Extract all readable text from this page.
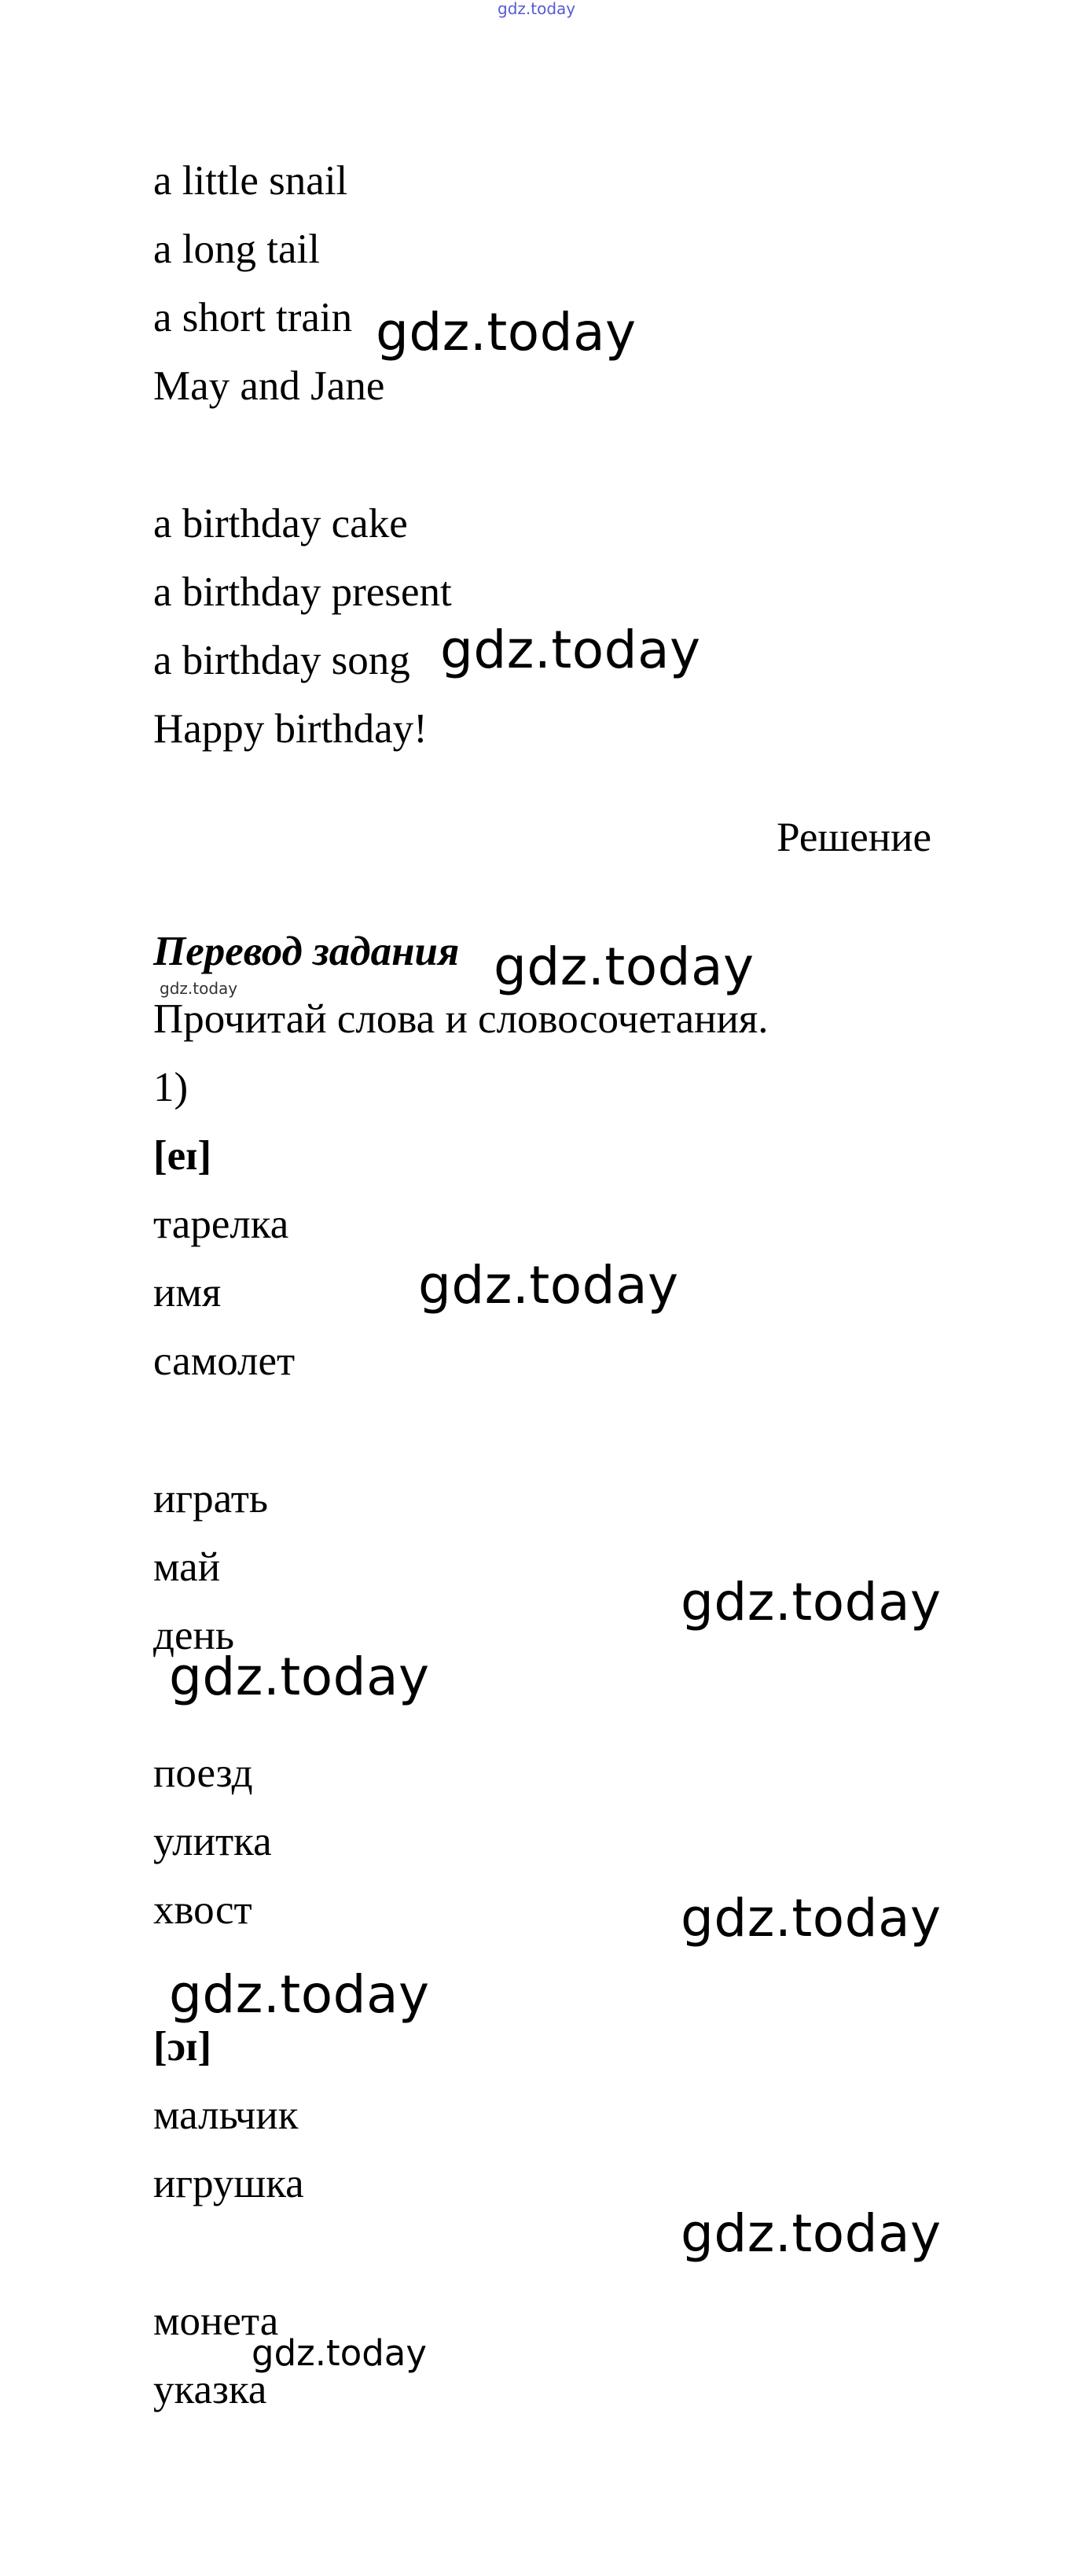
gdz.today
a little snail
a long tail
a short train
May and Jane
a birthday cake
a birthday present
a birthday song
Happy birthday!
Решение
Перевод задания
Прочитай слова и словосочетания.
1)
[eɪ]
тарелка
имя
самолет
играть
май
день
поезд
улитка
хвост
[ɔɪ]
мальчик
игрушка
монета
указка
gdz.today
gdz.today
gdz.today
gdz.today
gdz.today
gdz.today
gdz.today
gdz.today
gdz.today
gdz.today
gdz.today
